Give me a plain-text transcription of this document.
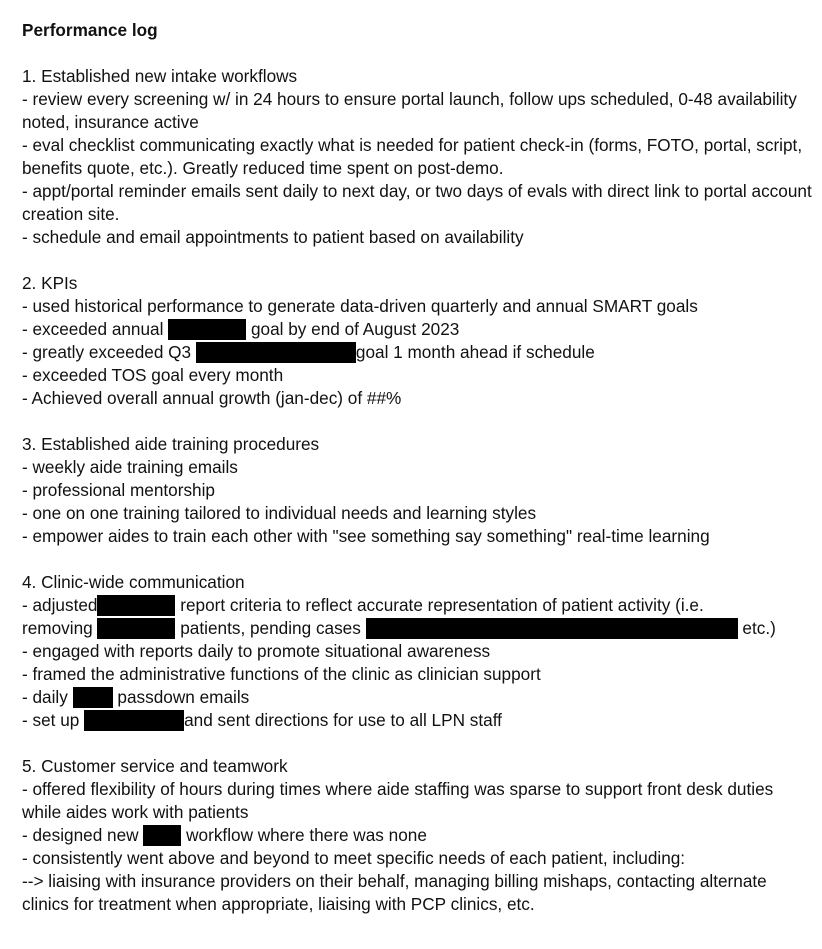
Performance log
1. Established new intake workflows
- review every screening w/ in 24 hours to ensure portal launch, follow ups scheduled, 0-48 availability noted, insurance active
- eval checklist communicating exactly what is needed for patient check-in (forms, FOTO, portal, script, benefits quote, etc.). Greatly reduced time spent on post-demo.
- appt/portal reminder emails sent daily to next day, or two days of evals with direct link to portal account creation site.
- schedule and email appointments to patient based on availability
2. KPIs
- used historical performance to generate data-driven quarterly and annual SMART goals
- exceeded annual	goal by end of August 2023
- greatly exceeded Q3	goal 1 month ahead if schedule
- exceeded TOS goal every month
- Achieved overall annual growth (jan-dec) of ##%
3. Established aide training procedures
- weekly aide training emails
- professional mentorship
- one on one training tailored to individual needs and learning styles
- empower aides to train each other with "see something say something" real-time learning
4. Clinic-wide communication
- adjusted	report criteria to reflect accurate representation of patient activity (i.e.
removing	patients, pending cases	etc.)
- engaged with reports daily to promote situational awareness
- framed the administrative functions of the clinic as clinician support
- daily  passdown emails
- set up	and sent directions for use to all LPN staff
5. Customer service and teamwork
- offered flexibility of hours during times where aide staffing was sparse to support front desk duties while aides work with patients
- designed new  workflow where there was none
- consistently went above and beyond to meet specific needs of each patient, including:
--> liaising with insurance providers on their behalf, managing billing mishaps, contacting alternate clinics for treatment when appropriate, liaising with PCP clinics, etc.
